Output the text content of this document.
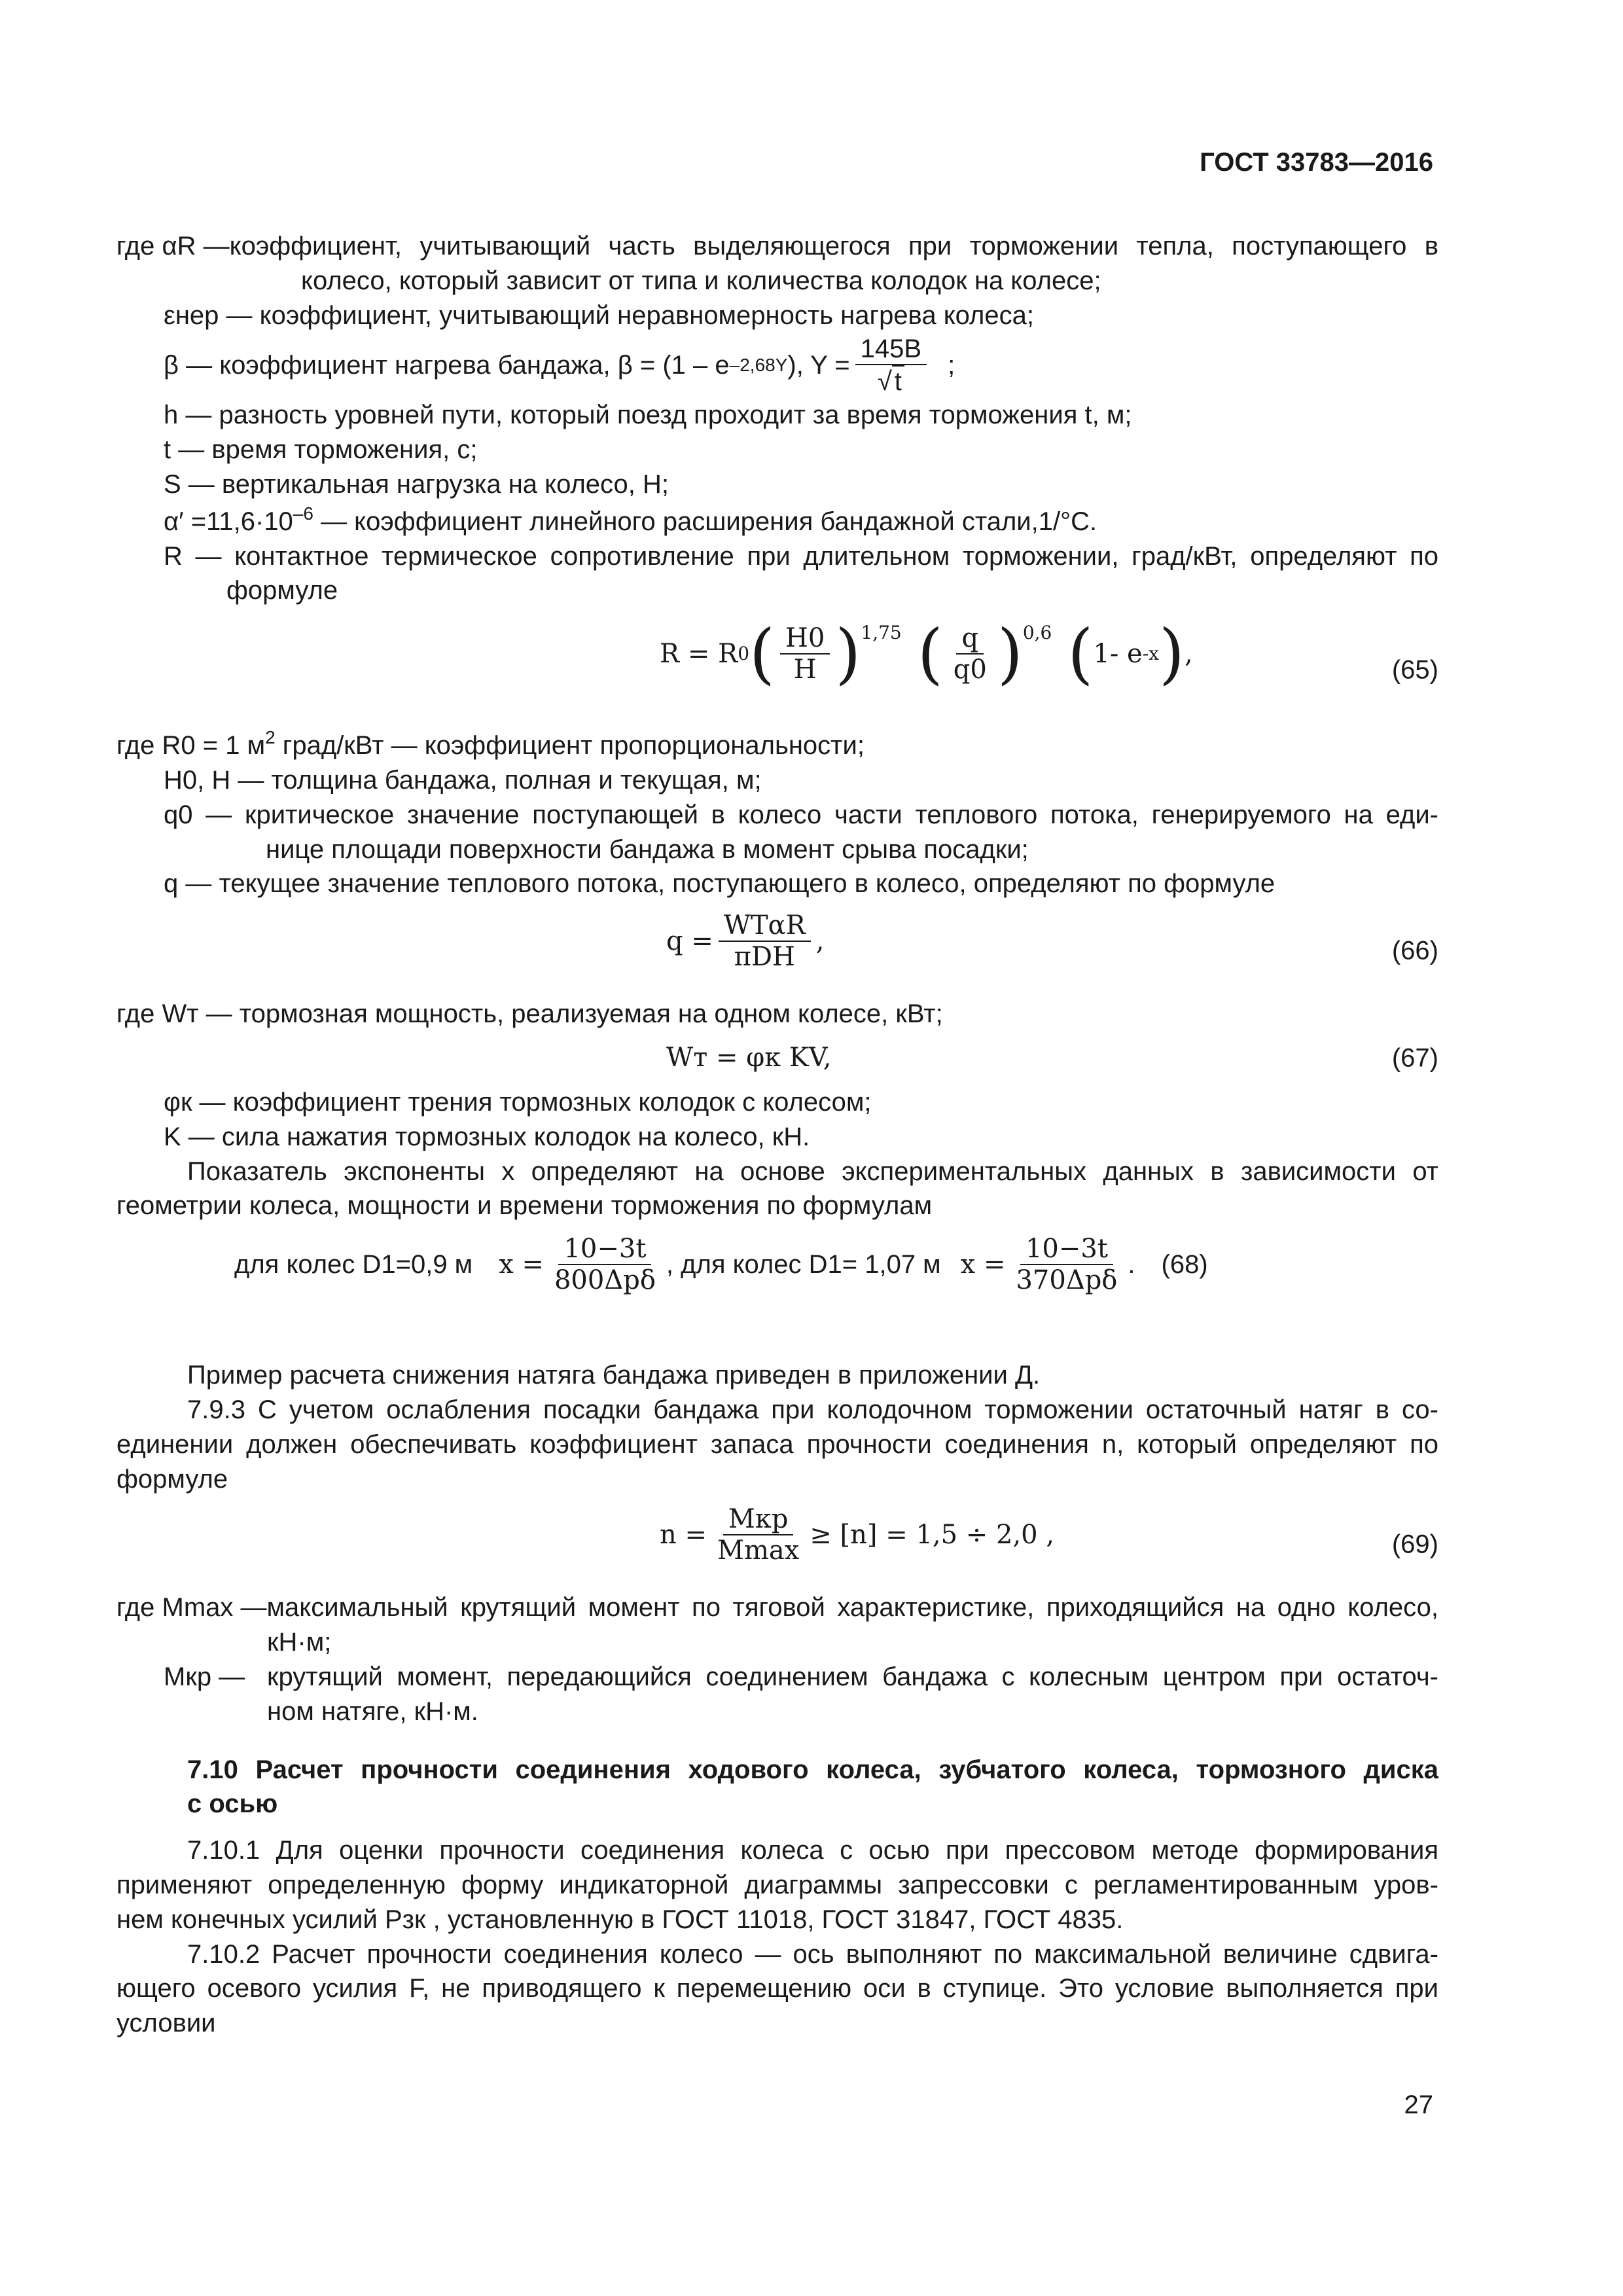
ГОСТ 33783—2016
где αR — коэффициент, учитывающий часть выделяющегося при торможении тепла, поступающего в
колесо, который зависит от типа и количества колодок на колесе;
εнер — коэффициент, учитывающий неравномерность нагрева колеса;
β — коэффициент нагрева бандажа, β = (1 – e –2,68Y ), $Y = \frac{145B}{√ t}$ ;
h — разность уровней пути, который поезд проходит за время торможения t, м;
t — время торможения, с;
S — вертикальная нагрузка на колесо, Н;
$\alpha' =11,6\cdot 10^{-6}$ — коэффициент линейного расширения бандажной стали,1/°С.
R — контактное термическое сопротивление при длительном торможении, град/кВт, определяют по
формуле
R = R 0 ( $\frac{H0}{H} )^{1,75}$ ( $\frac{q}{q0} )^{0,6}$ ( 1- e -x ) ,
(65)
где R0 = 1 $м^2$ град/кВт — коэффициент пропорциональности;
H0, H — толщина бандажа, полная и текущая, м;
q0 — критическое значение поступающей в колесо части теплового потока, генерируемого на еди-
нице площади поверхности бандажа в момент срыва посадки;
q — текущее значение теплового потока, поступающего в колесо, определяют по формуле
$q = \frac{\text{WTαR}}{\text{πDH}}$ ,	(66)
где Wт — тормозная мощность, реализуемая на одном колесе, кВт;
Wт = φк KV,	(67)
φк — коэффициент трения тормозных колодок с колесом;
K — сила нажатия тормозных колодок на колесо, кН.
Показатель экспоненты x определяют на основе экспериментальных данных в зависимости от
геометрии колеса, мощности и времени торможения по формулам
для колес D1=0,9 м $x = \frac{10-3t}{\text{800Δpδ}}$ , для колес D1= 1,07 м $x = \frac{10-3t}{\text{370Δpδ}}$ . (68)
Пример расчета снижения натяга бандажа приведен в приложении Д.
7.9.3 С учетом ослабления посадки бандажа при колодочном торможении остаточный натяг в со-
единении должен обеспечивать коэффициент запаса прочности соединения n, который определяют по
формуле
$n = \frac{\text{Mкр}}{Mmax} \ge [n] = 1,5 \div 2,0$ ,	(69)
где Mmax — максимальный крутящий момент по тяговой характеристике, приходящийся на одно колесо,
кН·м;
Mкр — крутящий момент, передающийся соединением бандажа с колесным центром при остаточ-
ном натяге, кН·м.
7.10 Расчет прочности соединения ходового колеса, зубчатого колеса, тормозного диска
с осью
7.10.1 Для оценки прочности соединения колеса с осью при прессовом методе формирования
применяют определенную форму индикаторной диаграммы запрессовки с регламентированным уров-
нем конечных усилий Pзк , установленную в ГОСТ 11018, ГОСТ 31847, ГОСТ 4835.
7.10.2 Расчет прочности соединения колесо — ось выполняют по максимальной величине сдвига-
ющего осевого усилия F, не приводящего к перемещению оси в ступице. Это условие выполняется при
условии
27
